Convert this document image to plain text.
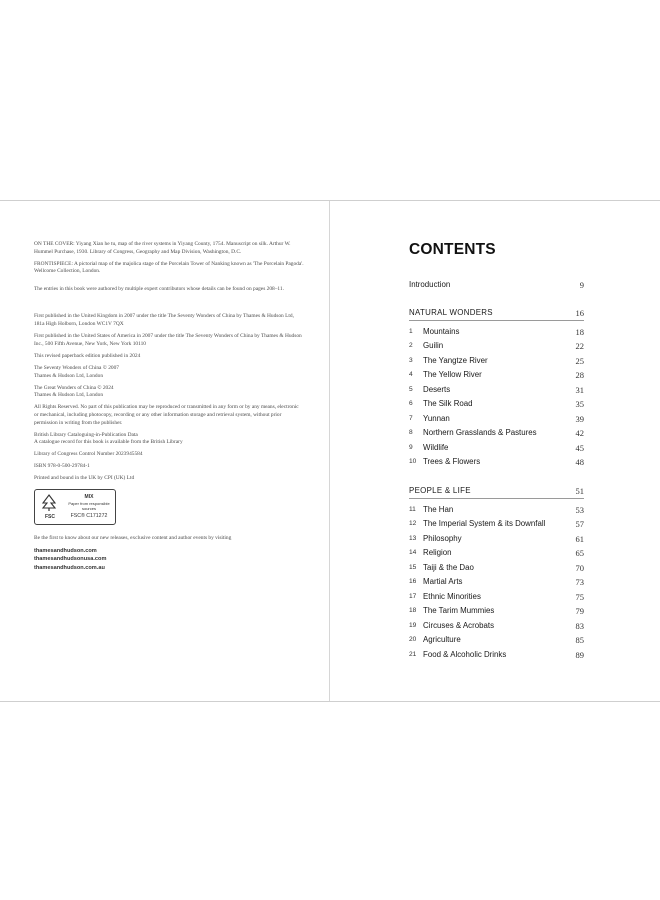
ON THE COVER: Yiyang Xian he tu, map of the river systems in Yiyang County, 1754. Manuscript on silk. Arthur W. Hummel Purchase, 1930. Library of Congress, Geography and Map Division, Washington, D.C.

FRONTISPIECE: A pictorial map of the majolica stage of the Porcelain Tower of Nanking known as 'The Porcelain Pagoda'. Wellcome Collection, London.

The entries in this book were authored by multiple expert contributors whose details can be found on pages 208–11.

First published in the United Kingdom in 2007 under the title The Seventy Wonders of China by Thames & Hudson Ltd, 181a High Holborn, London WC1V 7QX

First published in the United States of America in 2007 under the title The Seventy Wonders of China by Thames & Hudson Inc., 500 Fifth Avenue, New York, New York 10110

This revised paperback edition published in 2024

The Seventy Wonders of China © 2007
Thames & Hudson Ltd, London

The Great Wonders of China © 2024
Thames & Hudson Ltd, London

All Rights Reserved. No part of this publication may be reproduced or transmitted in any form or by any means, electronic or mechanical, including photocopy, recording or any other information storage and retrieval system, without prior permission in writing from the publisher.

British Library Cataloguing-in-Publication Data
A catalogue record for this book is available from the British Library

Library of Congress Control Number 2023945584

ISBN 978-0-500-29784-1

Printed and bound in the UK by CPI (UK) Ltd

FSC
MIX
Paper from responsible sources
FSC® C171272

Be the first to know about our new releases, exclusive content and author events by visiting

thamesandhudson.com
thamesandhudsonusa.com
thamesandhudson.com.au
CONTENTS
Introduction	9
NATURAL WONDERS	16
1	Mountains	18
2	Guilin	22
3	The Yangtze River	25
4	The Yellow River	28
5	Deserts	31
6	The Silk Road	35
7	Yunnan	39
8	Northern Grasslands & Pastures	42
9	Wildlife	45
10 Trees & Flowers	48
PEOPLE & LIFE	51
11 The Han	53
12 The Imperial System & its Downfall	57
13 Philosophy	61
14 Religion	65
15 Taiji & the Dao	70
16 Martial Arts	73
17 Ethnic Minorities	75
18 The Tarim Mummies	79
19 Circuses & Acrobats	83
20 Agriculture	85
21 Food & Alcoholic Drinks	89
